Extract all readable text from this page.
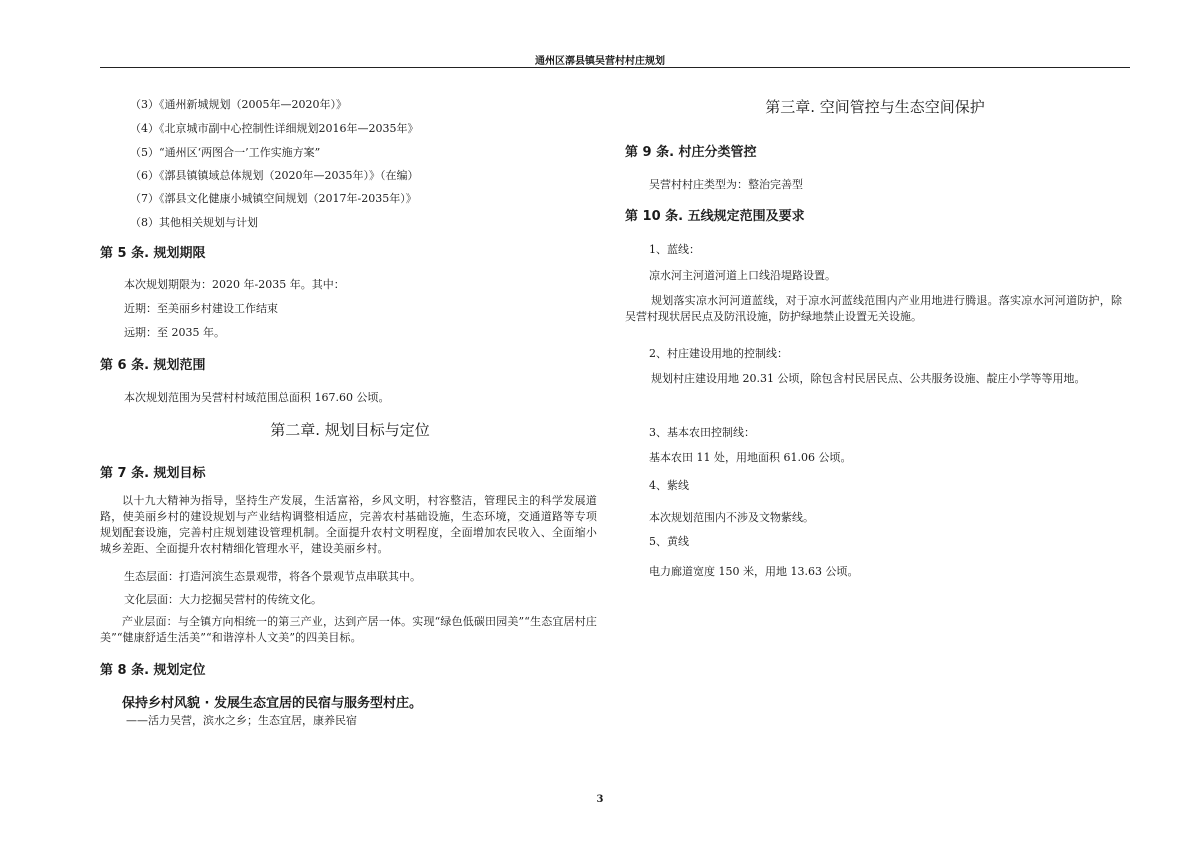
通州区漷县镇吴营村村庄规划
（3）《通州新城规划（2005年—2020年）》
（4）《北京城市副中心控制性详细规划2016年—2035年》
（5）“通州区‘两图合一’工作实施方案”
（6）《漷县镇镇域总体规划（2020年—2035年）》（在编）
（7）《漷县文化健康小城镇空间规划（2017年-2035年）》
（8）其他相关规划与计划
第 5 条. 规划期限
本次规划期限为：2020 年-2035 年。其中：
近期：至美丽乡村建设工作结束
远期：至 2035 年。
第 6 条. 规划范围
本次规划范围为吴营村村域范围总面积 167.60 公顷。
第二章. 规划目标与定位
第 7 条. 规划目标
以十九大精神为指导，坚持生产发展，生活富裕，乡风文明，村容整洁，管理民主的科学发展道路，使美丽乡村的建设规划与产业结构调整相适应，完善农村基础设施，生态环境，交通道路等专项规划配套设施，完善村庄规划建设管理机制。全面提升农村文明程度，全面增加农民收入、全面缩小城乡差距、全面提升农村精细化管理水平，建设美丽乡村。
生态层面：打造河滨生态景观带，将各个景观节点串联其中。
文化层面：大力挖掘吴营村的传统文化。
产业层面：与全镇方向相统一的第三产业，达到产居一体。实现“绿色低碳田园美”“生态宜居村庄美”“健康舒适生活美”“和谐淳朴人文美”的四美目标。
第 8 条. 规划定位
保持乡村风貌 · 发展生态宜居的民宿与服务型村庄。
——活力吴营，滨水之乡；生态宜居，康养民宿
第三章. 空间管控与生态空间保护
第 9 条. 村庄分类管控
吴营村村庄类型为：整治完善型
第 10 条. 五线规定范围及要求
1、蓝线：
凉水河主河道河道上口线沿堤路设置。
规划落实凉水河河道蓝线，对于凉水河蓝线范围内产业用地进行腾退。落实凉水河河道防护，除吴营村现状居民点及防汛设施，防护绿地禁止设置无关设施。
2、村庄建设用地的控制线：
规划村庄建设用地 20.31 公顷，除包含村民居民点、公共服务设施、靛庄小学等等用地。
3、基本农田控制线：
基本农田 11 处，用地面积 61.06 公顷。
4、紫线
本次规划范围内不涉及文物紫线。
5、黄线
电力廊道宽度 150 米，用地 13.63 公顷。
3
